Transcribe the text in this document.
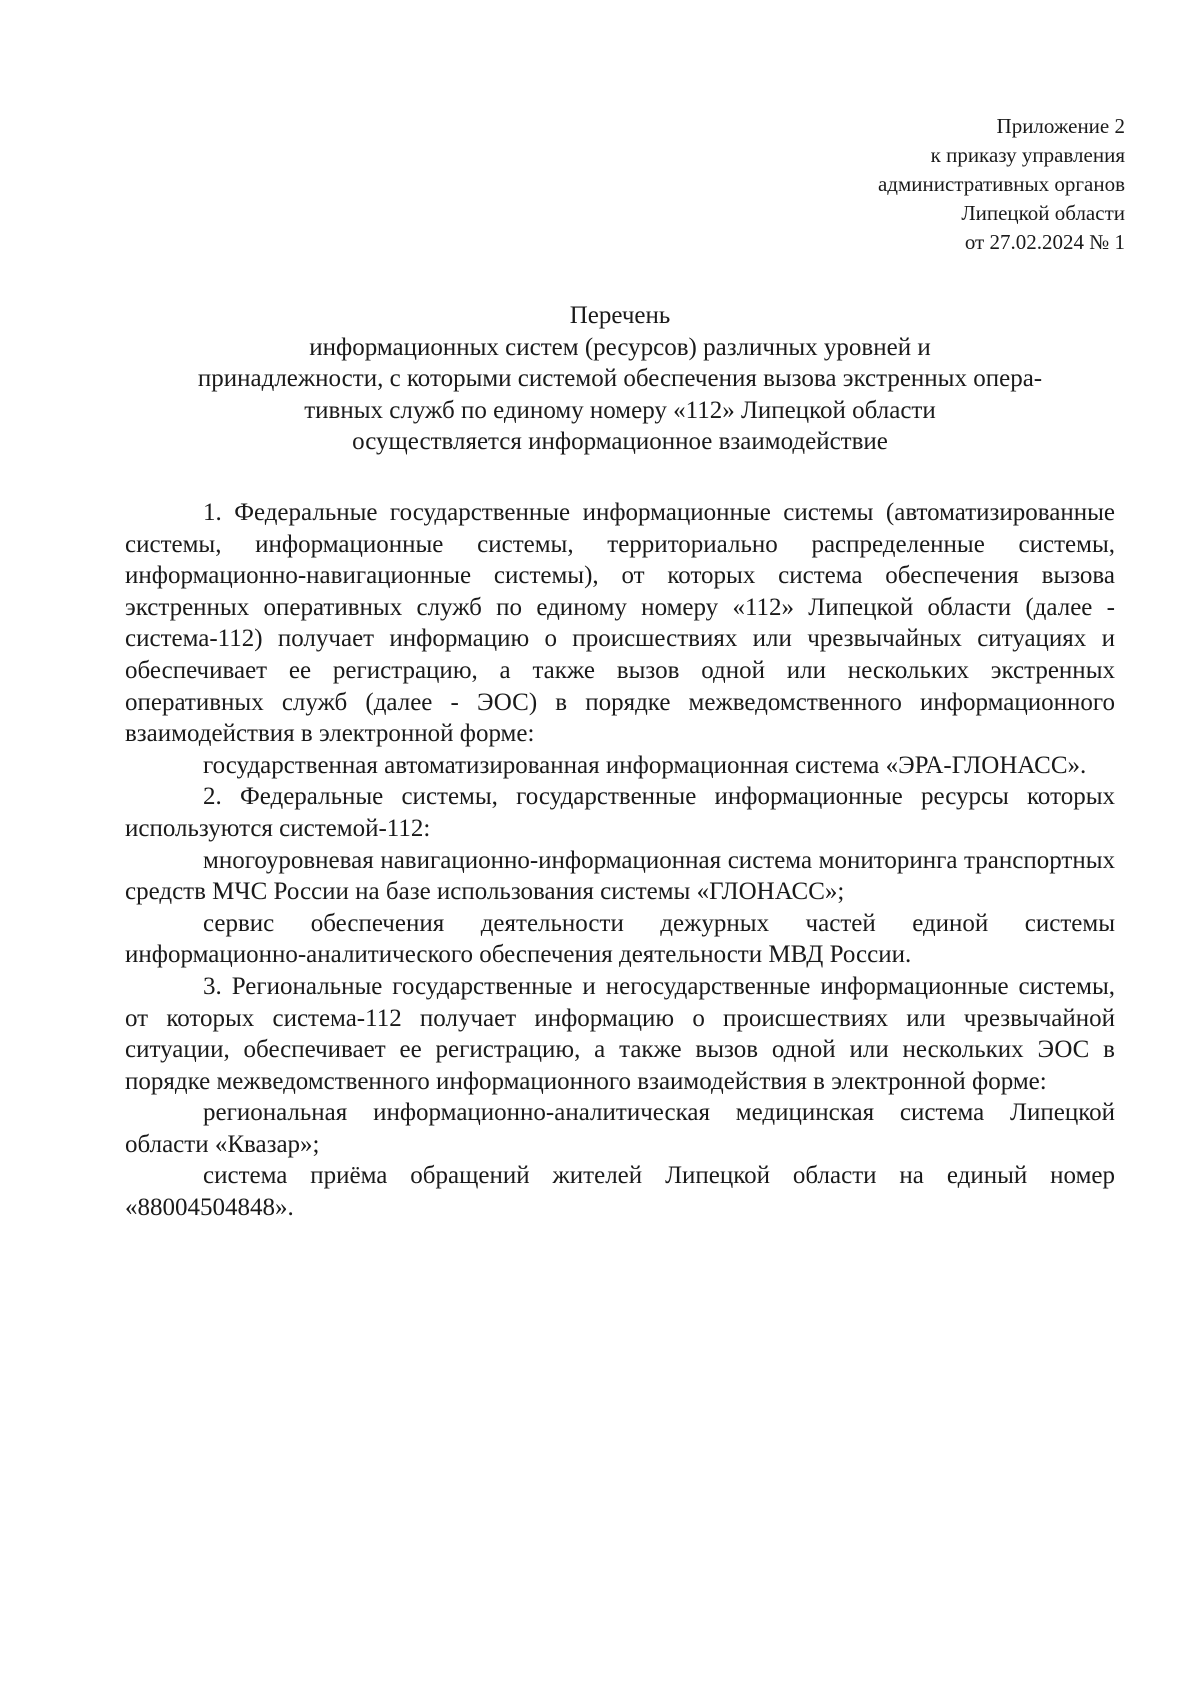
Приложение 2
к приказу управления
административных органов
Липецкой области
от 27.02.2024 № 1
Перечень
информационных систем (ресурсов) различных уровней и
принадлежности, с которыми системой обеспечения вызова экстренных опера-
тивных служб по единому номеру «112» Липецкой области
осуществляется информационное взаимодействие

1. Федеральные государственные информационные системы (автоматизированные системы, информационные системы, территориально распределенные системы, информационно-навигационные системы), от которых система обеспечения вызова экстренных оперативных служб по единому номеру «112» Липецкой области (далее - система-112) получает информацию о происшествиях или чрезвычайных ситуациях и обеспечивает ее регистрацию, а также вызов одной или нескольких экстренных оперативных служб (далее - ЭОС) в порядке межведомственного информационного взаимодействия в электронной форме:

государственная автоматизированная информационная система «ЭРА-ГЛОНАСС».

2. Федеральные системы, государственные информационные ресурсы которых используются системой-112:

многоуровневая навигационно-информационная система мониторинга транспортных средств МЧС России на базе использования системы «ГЛОНАСС»;

сервис обеспечения деятельности дежурных частей единой системы информационно-аналитического обеспечения деятельности МВД России.

3. Региональные государственные и негосударственные информационные системы, от которых система-112 получает информацию о происшествиях или чрезвычайной ситуации, обеспечивает ее регистрацию, а также вызов одной или нескольких ЭОС в порядке межведомственного информационного взаимодействия в электронной форме:

региональная информационно-аналитическая медицинская система Липецкой области «Квазар»;

система приёма обращений жителей Липецкой области на единый номер «88004504848».
